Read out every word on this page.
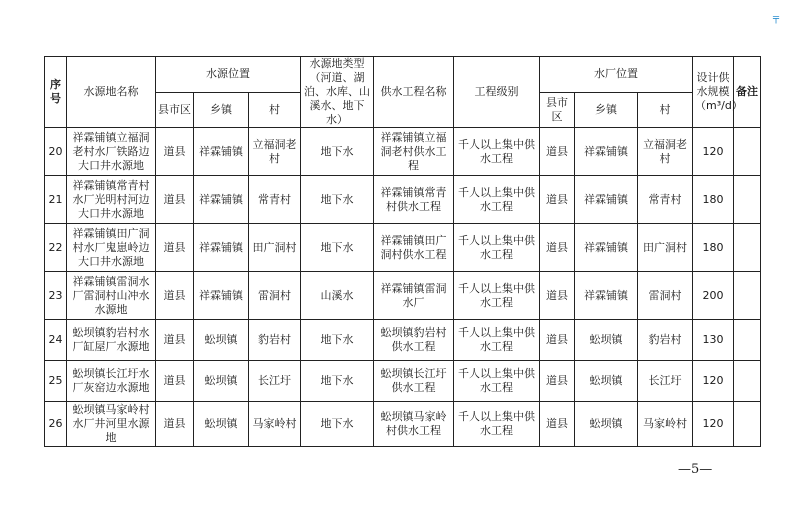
╤
序号	水源地名称	水源位置			水源地类型（河道、湖泊、水库、山溪水、地下水）	供水工程名称	工程级别	水厂位置			设计供水规模（m³/d）	备注
		县市区	乡镇	村				县市区	乡镇	村		
20	祥霖铺镇立福洞老村水厂铁路边大口井水源地	道县	祥霖铺镇	立福洞老村	地下水	祥霖铺镇立福洞老村供水工程	千人以上集中供水工程	道县	祥霖铺镇	立福洞老村	120	
21	祥霖铺镇常青村水厂光明村河边大口井水源地	道县	祥霖铺镇	常青村	地下水	祥霖铺镇常青村供水工程	千人以上集中供水工程	道县	祥霖铺镇	常青村	180	
22	祥霖铺镇田广洞村水厂鬼崽岭边大口井水源地	道县	祥霖铺镇	田广洞村	地下水	祥霖铺镇田广洞村供水工程	千人以上集中供水工程	道县	祥霖铺镇	田广洞村	180	
23	祥霖铺镇雷洞水厂雷洞村山冲水水源地	道县	祥霖铺镇	雷洞村	山溪水	祥霖铺镇雷洞水厂	千人以上集中供水工程	道县	祥霖铺镇	雷洞村	200	
24	蚣坝镇豹岩村水厂缸屋厂水源地	道县	蚣坝镇	豹岩村	地下水	蚣坝镇豹岩村供水工程	千人以上集中供水工程	道县	蚣坝镇	豹岩村	130	
25	蚣坝镇长江圩水厂灰窑边水源地	道县	蚣坝镇	长江圩	地下水	蚣坝镇长江圩供水工程	千人以上集中供水工程	道县	蚣坝镇	长江圩	120	
26	蚣坝镇马家岭村水厂井河里水源地	道县	蚣坝镇	马家岭村	地下水	蚣坝镇马家岭村供水工程	千人以上集中供水工程	道县	蚣坝镇	马家岭村	120	
—5—
